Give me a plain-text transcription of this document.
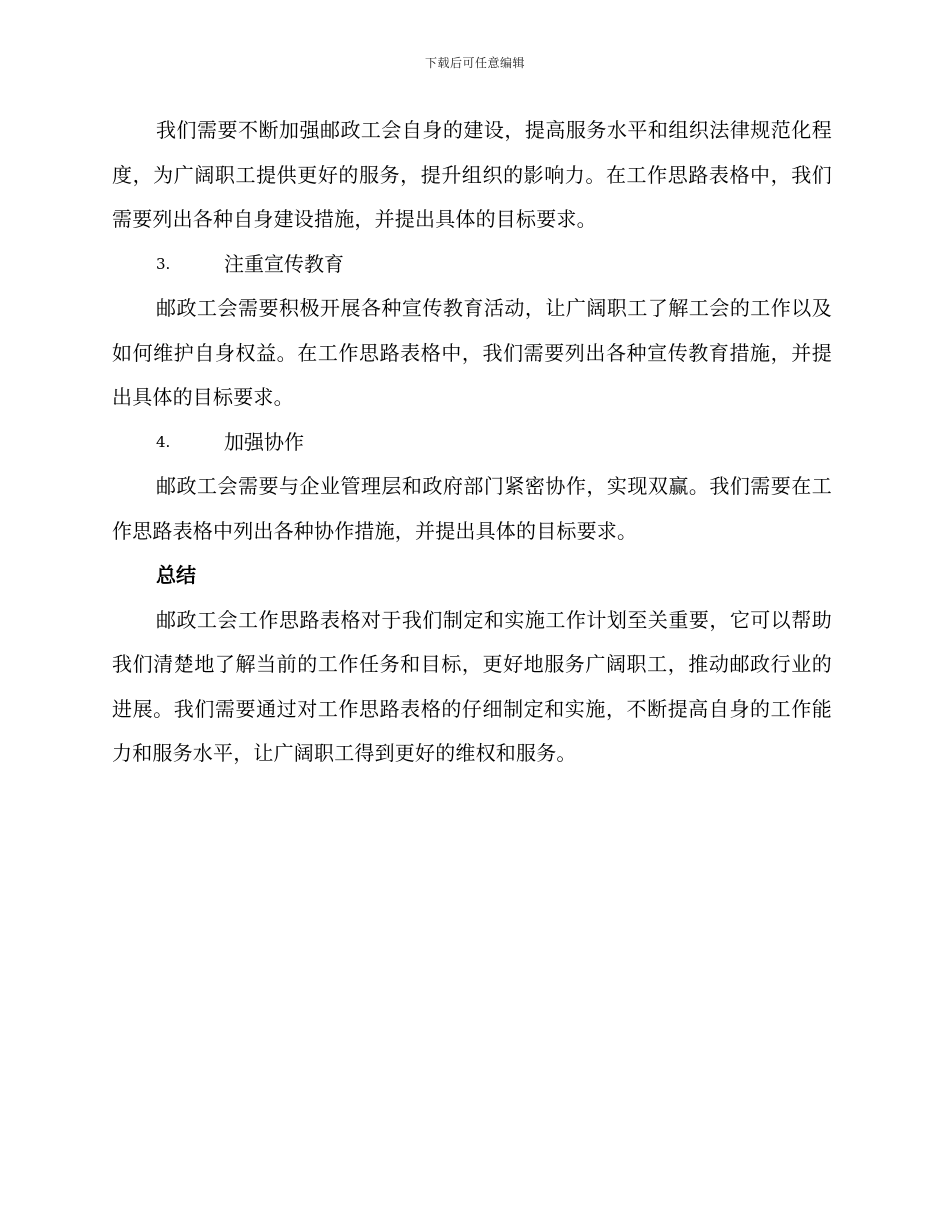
下载后可任意编辑

我们需要不断加强邮政工会自身的建设，提高服务水平和组织法律规范化程度，为广阔职工提供更好的服务，提升组织的影响力。在工作思路表格中，我们需要列出各种自身建设措施，并提出具体的目标要求。

3.	注重宣传教育

邮政工会需要积极开展各种宣传教育活动，让广阔职工了解工会的工作以及如何维护自身权益。在工作思路表格中，我们需要列出各种宣传教育措施，并提出具体的目标要求。

4.	加强协作

邮政工会需要与企业管理层和政府部门紧密协作，实现双赢。我们需要在工作思路表格中列出各种协作措施，并提出具体的目标要求。

总结

邮政工会工作思路表格对于我们制定和实施工作计划至关重要，它可以帮助我们清楚地了解当前的工作任务和目标，更好地服务广阔职工，推动邮政行业的进展。我们需要通过对工作思路表格的仔细制定和实施，不断提高自身的工作能力和服务水平，让广阔职工得到更好的维权和服务。
